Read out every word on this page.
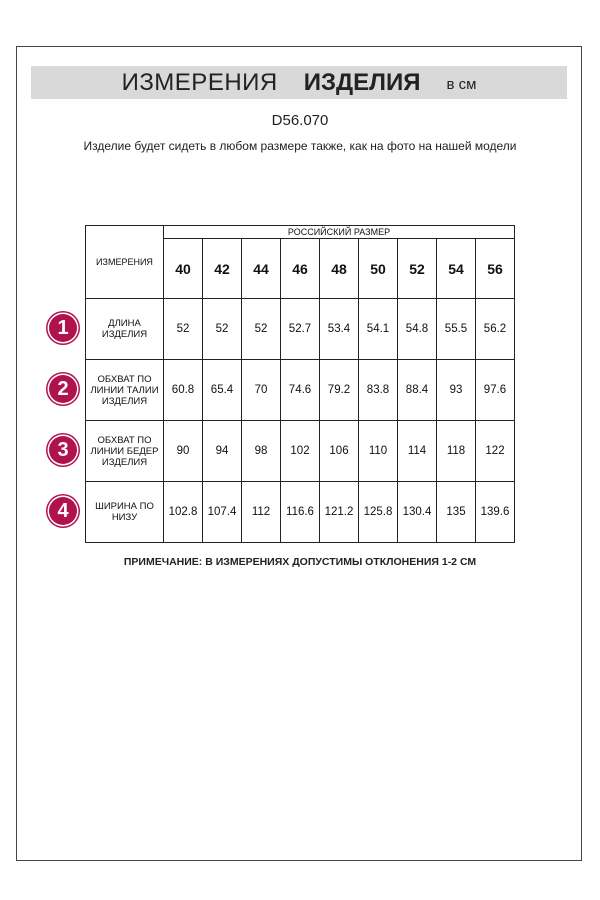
ИЗМЕРЕНИЯ ИЗДЕЛИЯ в см
D56.070
Изделие будет сидеть в любом размере также, как на фото на нашей модели
ИЗМЕРЕНИЯ	РОССИЙСКИЙ РАЗМЕР								
	40	42	44	46	48	50	52	54	56
ДЛИНА ИЗДЕЛИЯ	52	52	52	52.7	53.4	54.1	54.8	55.5	56.2
ОБХВАТ ПО ЛИНИИ ТАЛИИ ИЗДЕЛИЯ	60.8	65.4	70	74.6	79.2	83.8	88.4	93	97.6
ОБХВАТ ПО ЛИНИИ БЕДЕР ИЗДЕЛИЯ	90	94	98	102	106	110	114	118	122
ШИРИНА ПО НИЗУ	102.8	107.4	112	116.6	121.2	125.8	130.4	135	139.6
1
2
3
4
ПРИМЕЧАНИЕ: В ИЗМЕРЕНИЯХ ДОПУСТИМЫ ОТКЛОНЕНИЯ 1-2 СМ
